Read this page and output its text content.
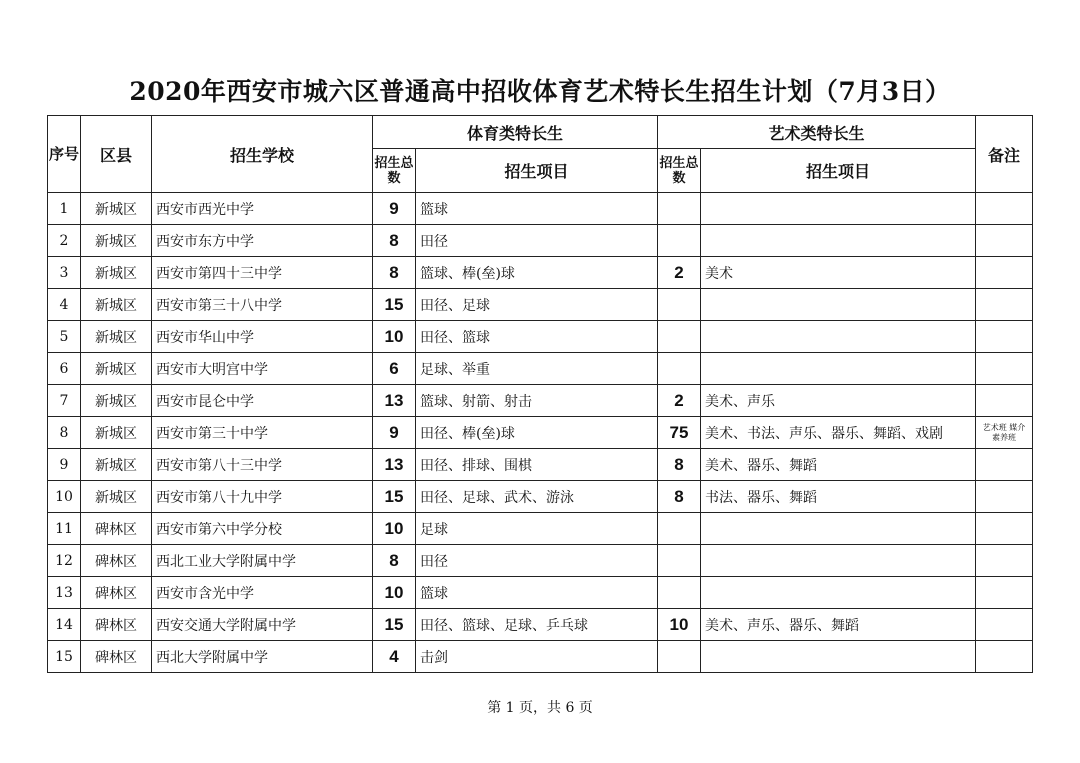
2020年西安市城六区普通高中招收体育艺术特长生招生计划（7月3日）
序号	区县	招生学校	体育类特长生		艺术类特长生		备注
			招生总数	招生项目	招生总数	招生项目	
1	新城区	西安市西光中学	9	篮球			
2	新城区	西安市东方中学	8	田径			
3	新城区	西安市第四十三中学	8	篮球、棒(垒)球	2	美术	
4	新城区	西安市第三十八中学	15	田径、足球			
5	新城区	西安市华山中学	10	田径、篮球			
6	新城区	西安市大明宫中学	6	足球、举重			
7	新城区	西安市昆仑中学	13	篮球、射箭、射击	2	美术、声乐	
8	新城区	西安市第三十中学	9	田径、棒(垒)球	75	美术、书法、声乐、器乐、舞蹈、戏剧	艺术班 媒介素养班
9	新城区	西安市第八十三中学	13	田径、排球、围棋	8	美术、器乐、舞蹈	
10	新城区	西安市第八十九中学	15	田径、足球、武术、游泳	8	书法、器乐、舞蹈	
11	碑林区	西安市第六中学分校	10	足球			
12	碑林区	西北工业大学附属中学	8	田径			
13	碑林区	西安市含光中学	10	篮球			
14	碑林区	西安交通大学附属中学	15	田径、篮球、足球、乒乓球	10	美术、声乐、器乐、舞蹈	
15	碑林区	西北大学附属中学	4	击剑			
第 1 页，共 6 页
